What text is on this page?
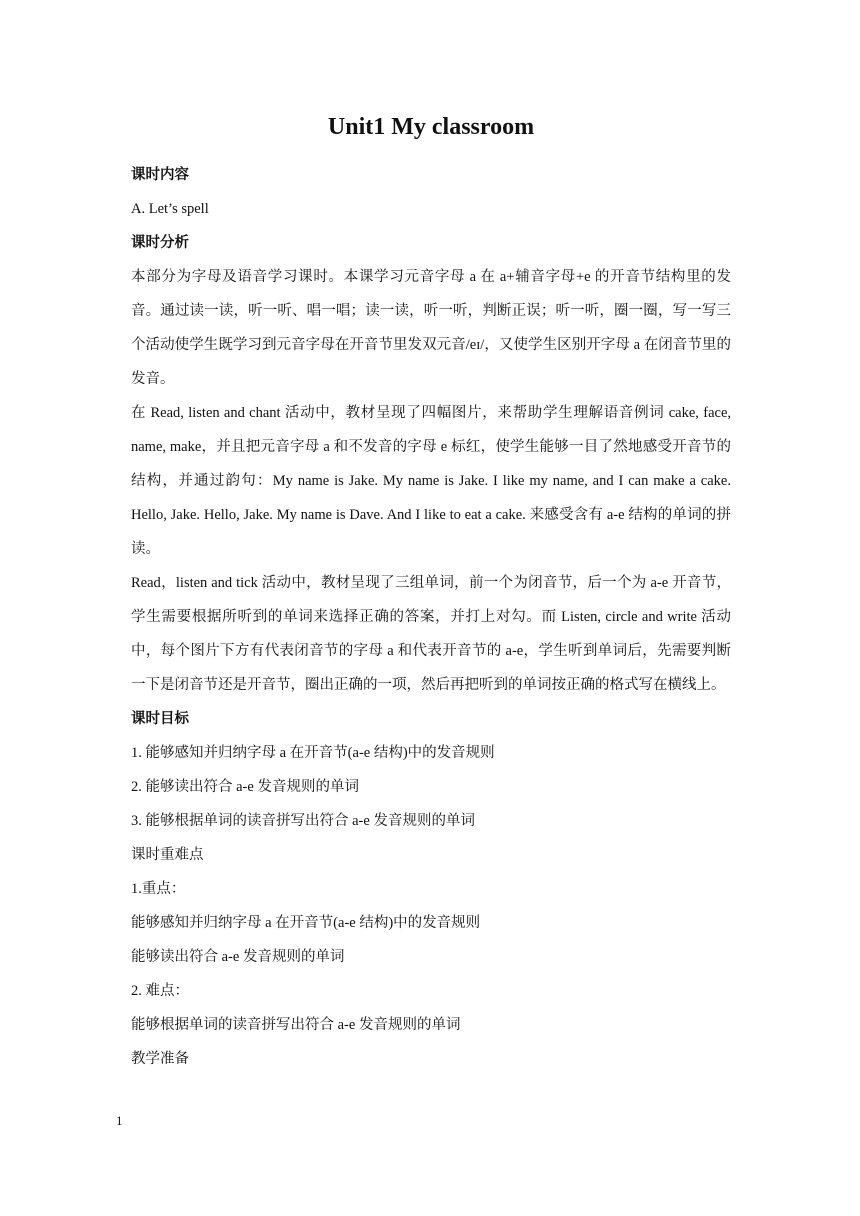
Unit1 My classroom

课时内容

A. Let’s spell

课时分析

本部分为字母及语音学习课时。本课学习元音字母 a 在 a+辅音字母+e 的开音节结构里的发音。通过读一读，听一听、唱一唱；读一读，听一听，判断正误；听一听，圈一圈，写一写三个活动使学生既学习到元音字母在开音节里发双元音/eɪ/，又使学生区别开字母 a 在闭音节里的发音。

在 Read, listen and chant 活动中，教材呈现了四幅图片，来帮助学生理解语音例词 cake, face, name, make，并且把元音字母 a 和不发音的字母 e 标红，使学生能够一目了然地感受开音节的结构，并通过韵句：My name is Jake. My name is Jake. I like my name, and I can make a cake. Hello, Jake. Hello, Jake. My name is Dave. And I like to eat a cake. 来感受含有 a-e 结构的单词的拼读。

Read，listen and tick 活动中，教材呈现了三组单词，前一个为闭音节，后一个为 a-e 开音节，学生需要根据所听到的单词来选择正确的答案，并打上对勾。而 Listen, circle and write 活动中，每个图片下方有代表闭音节的字母 a 和代表开音节的 a-e，学生听到单词后，先需要判断一下是闭音节还是开音节，圈出正确的一项，然后再把听到的单词按正确的格式写在横线上。

课时目标

1. 能够感知并归纳字母 a 在开音节(a-e 结构)中的发音规则

2. 能够读出符合 a-e 发音规则的单词

3. 能够根据单词的读音拼写出符合 a-e 发音规则的单词

课时重难点

1.重点：

能够感知并归纳字母 a 在开音节(a-e 结构)中的发音规则

能够读出符合 a-e 发音规则的单词

2. 难点：

能够根据单词的读音拼写出符合 a-e 发音规则的单词

教学准备

1
